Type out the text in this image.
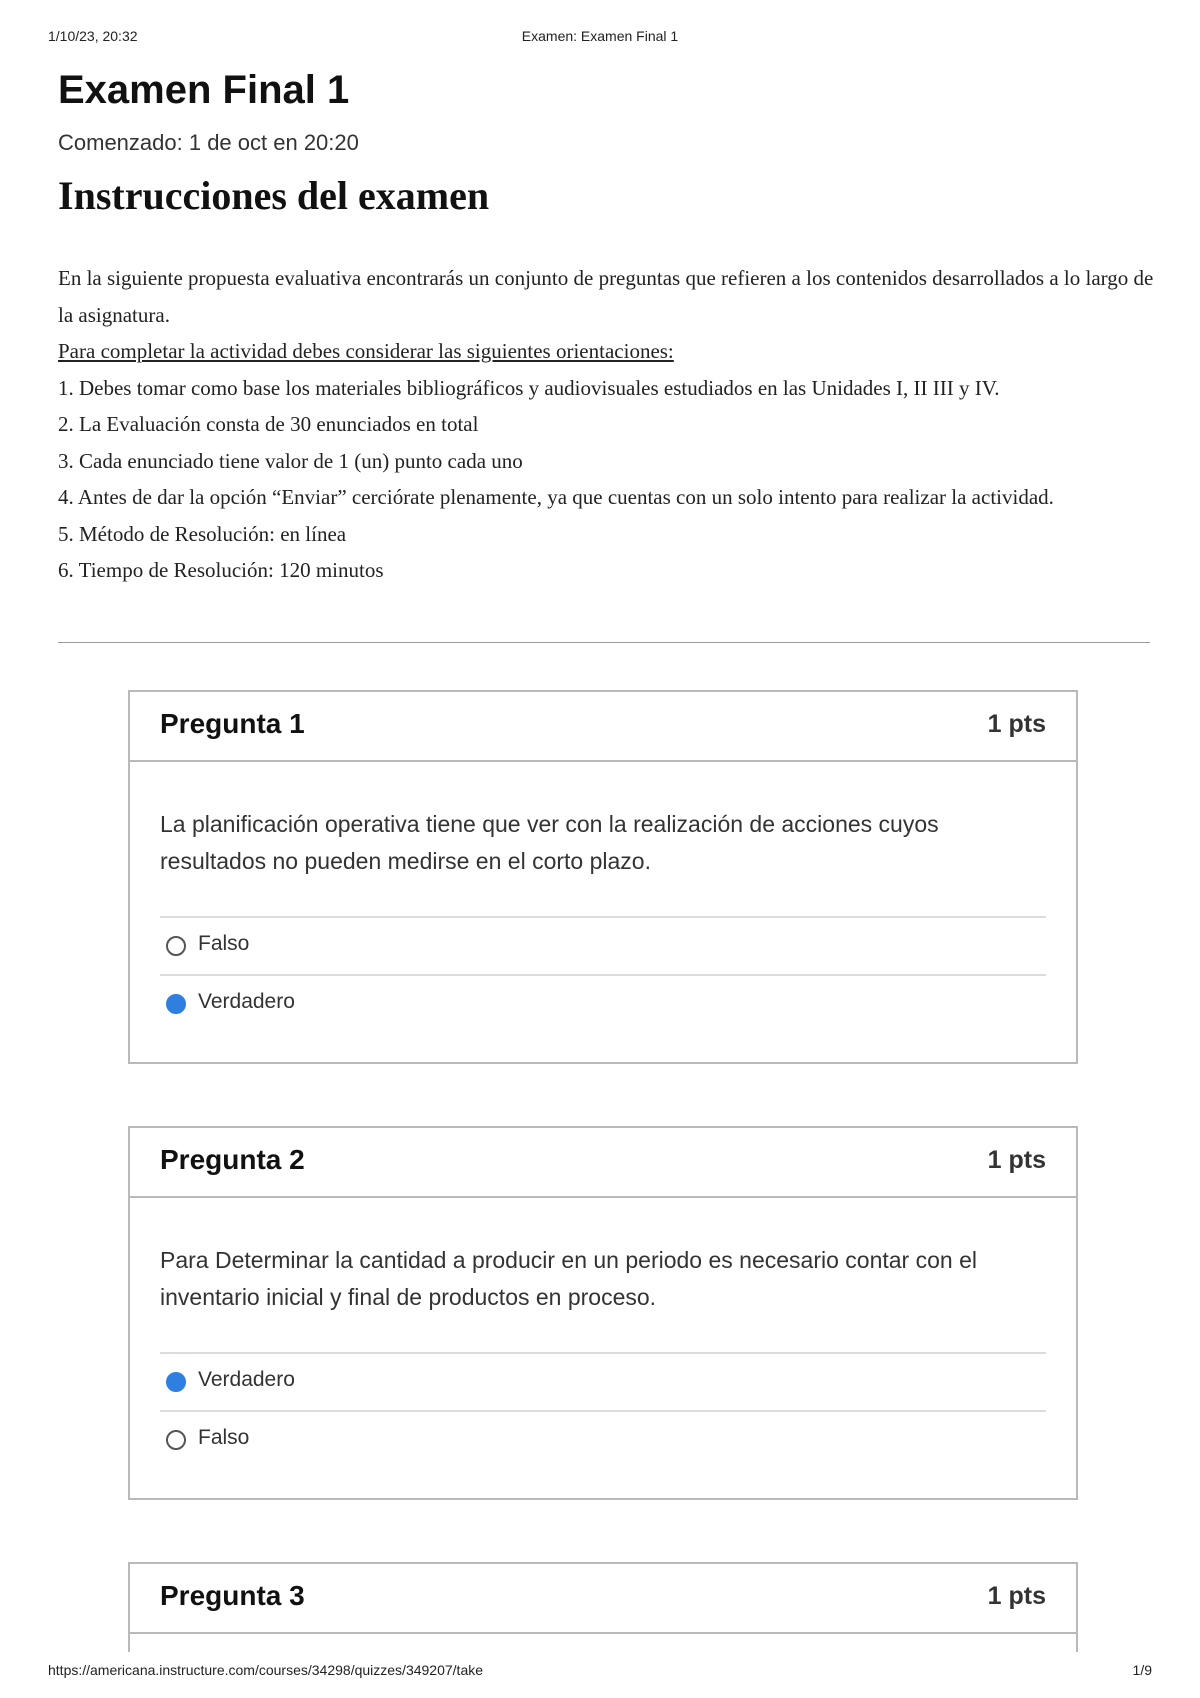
1/10/23, 20:32	Examen: Examen Final 1
Examen Final 1
Comenzado: 1 de oct en 20:20
Instrucciones del examen

En la siguiente propuesta evaluativa encontrarás un conjunto de preguntas que refieren a los contenidos desarrollados a lo largo de la asignatura.

Para completar la actividad debes considerar las siguientes orientaciones:

1. Debes tomar como base los materiales bibliográficos y audiovisuales estudiados en las Unidades I, II III y IV.

2. La Evaluación consta de 30 enunciados en total

3. Cada enunciado tiene valor de 1 (un) punto cada uno

4. Antes de dar la opción “Enviar” cerciórate plenamente, ya que cuentas con un solo intento para realizar la actividad.

5. Método de Resolución: en línea

6. Tiempo de Resolución: 120 minutos

Pregunta 1	1 pts

La planificación operativa tiene que ver con la realización de acciones cuyos resultados no pueden medirse en el corto plazo.

Falso
Verdadero
Pregunta 2	1 pts

Para Determinar la cantidad a producir en un periodo es necesario contar con el inventario inicial y final de productos en proceso.

Verdadero
Falso
Pregunta 3	1 pts
https://americana.instructure.com/courses/34298/quizzes/349207/take	1/9
